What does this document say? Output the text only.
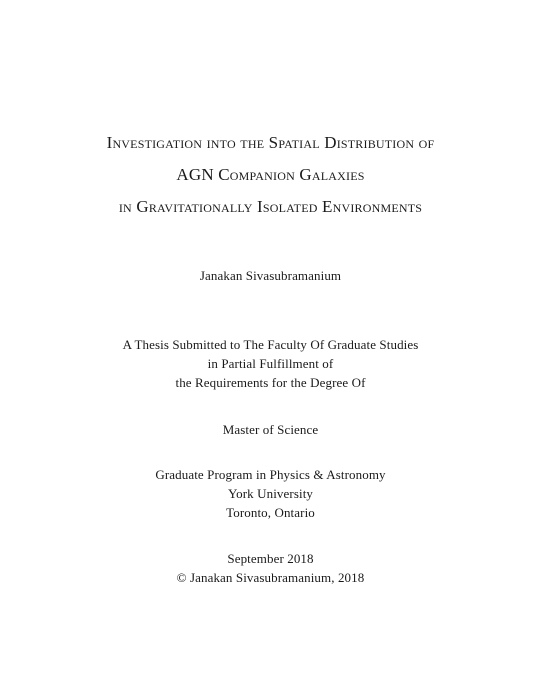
Investigation into the Spatial Distribution of
AGN Companion Galaxies
in Gravitationally Isolated Environments
Janakan Sivasubramanium
A Thesis Submitted to The Faculty Of Graduate Studies
in Partial Fulfillment of
the Requirements for the Degree Of
Master of Science
Graduate Program in Physics & Astronomy
York University
Toronto, Ontario
September 2018
© Janakan Sivasubramanium, 2018
